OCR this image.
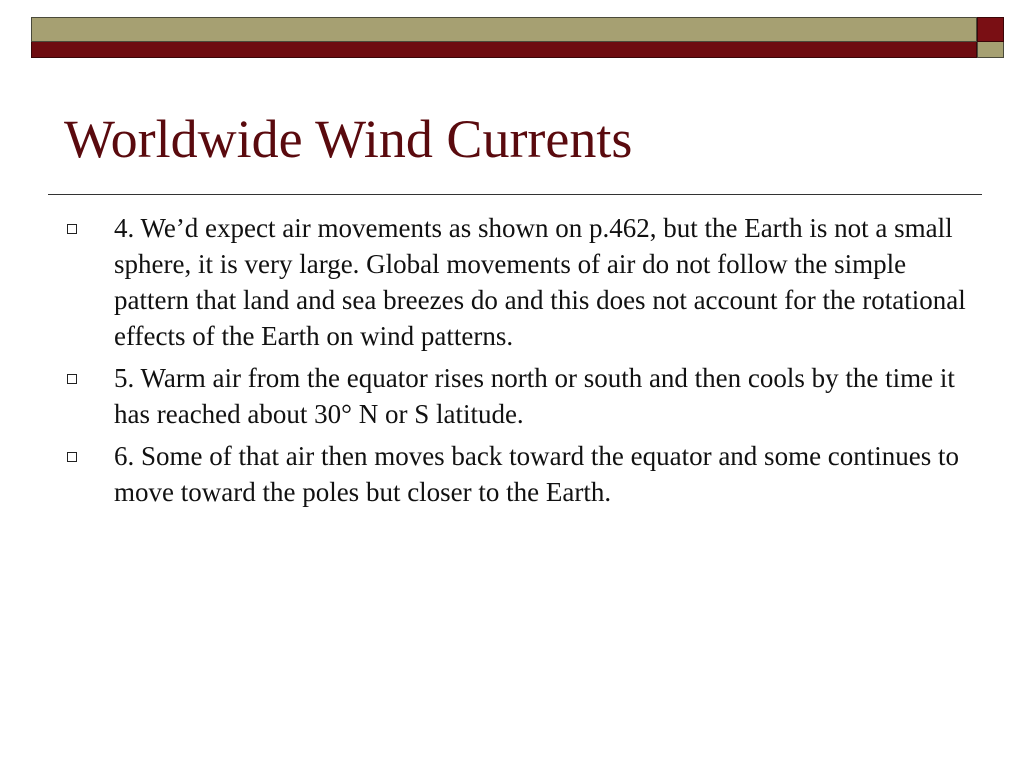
Worldwide Wind Currents
4. We’d expect air movements as shown on p.462, but the Earth is not a small sphere, it is very large. Global movements of air do not follow the simple pattern that land and sea breezes do and this does not account for the rotational effects of the Earth on wind patterns.
5. Warm air from the equator rises north or south and then cools by the time it has reached about 30° N or S latitude.
6. Some of that air then moves back toward the equator and some continues to move toward the poles but closer to the Earth.
